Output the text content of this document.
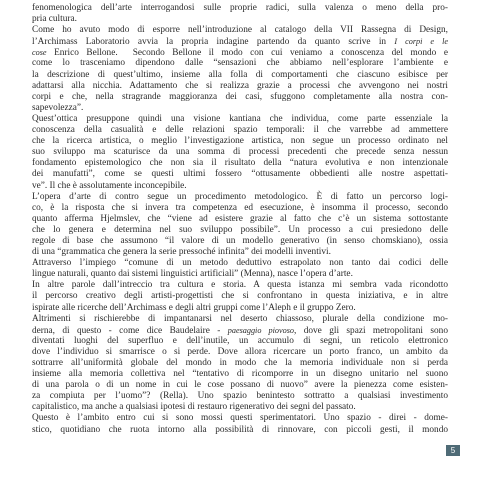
fenomenologica dell’arte interrogandosi sulle proprie radici, sulla valenza o meno della pro-
pria cultura.
Come ho avuto modo di esporre nell’introduzione al catalogo della VII Rassegna di Design,
l’Archimass Laboratorio avvia la propria indagine partendo da quanto scrive in I corpi e le
cose Enrico Bellone.  Secondo Bellone il modo con cui veniamo a conoscenza del mondo e
come lo trasceniamo dipendono dalle “sensazioni che abbiamo nell’esplorare l’ambiente e
la descrizione di quest’ultimo, insieme alla folla di comportamenti che ciascuno esibisce per
adattarsi alla nicchia. Adattamento che si realizza grazie a processi che avvengono nei nostri
corpi e che, nella stragrande maggioranza dei casi, sfuggono completamente alla nostra con-
sapevolezza”.
Quest’ottica presuppone quindi una visione kantiana che individua, come parte essenziale la
conoscenza della casualità e delle relazioni spazio temporali: il che varrebbe ad ammettere
che la ricerca artistica, o meglio l’investigazione artistica, non segue un processo ordinato nel
suo sviluppo ma scaturisce da una somma di processi precedenti che precede senza nessun
fondamento epistemologico che non sia il risultato della “natura evolutiva e non intenzionale
dei manufatti”, come se questi ultimi fossero “ottusamente obbedienti alle nostre aspettati-
ve”. Il che è assolutamente inconcepibile.
L’opera d’arte di contro segue un procedimento metodologico. È di fatto un percorso logi-
co, è la risposta che si invera tra competenza ed esecuzione, è insomma il processo, secondo
quanto afferma Hjelmslev, che “viene ad esistere grazie al fatto che c’è un sistema sottostante
che lo genera e determina nel suo sviluppo possibile”. Un processo a cui presiedono delle
regole di base che assumono “il valore di un modello generativo (in senso chomskiano), ossia
di una “grammatica che genera la serie pressoché infinita” dei modelli inventivi.
Attraverso l’impiego “comune di un metodo deduttivo estrapolato non tanto dai codici delle
lingue naturali, quanto dai sistemi linguistici artificiali” (Menna), nasce l’opera d’arte.
In altre parole dall’intreccio tra cultura e storia. A questa istanza mi sembra vada ricondotto
il percorso creativo degli artisti-progettisti che si confrontano in questa iniziativa, e in altre
ispirate alle ricerche dell’Archimass e degli altri gruppi come l’Aleph e il gruppo Zero.
Altrimenti si rischierebbe di impantanarsi nel deserto chiassoso, plurale della condizione mo-
derna, di questo - come dice Baudelaire - paesaggio piovoso, dove gli spazi metropolitani sono
diventati luoghi del superfluo e dell’inutile, un accumulo di segni, un reticolo elettronico
dove l’individuo si smarrisce o si perde. Dove allora ricercare un porto franco, un ambito da
sottrarre all’uniformità globale del mondo in modo che la memoria individuale non si perda
insieme alla memoria collettiva nel “tentativo di ricomporre in un disegno unitario nel suono
di una parola o di un nome in cui le cose possano di nuovo” avere la pienezza come esisten-
za compiuta per l’uomo”? (Rella). Uno spazio benintesto sottratto a qualsiasi investimento
capitalistico, ma anche a qualsiasi ipotesi di restauro rigenerativo dei segni del passato.
Questo è l’ambito entro cui si sono mossi questi sperimentatori. Uno spazio - direi - dome-
stico, quotidiano che ruota intorno alla possibilità di rinnovare, con piccoli gesti, il mondo
5
